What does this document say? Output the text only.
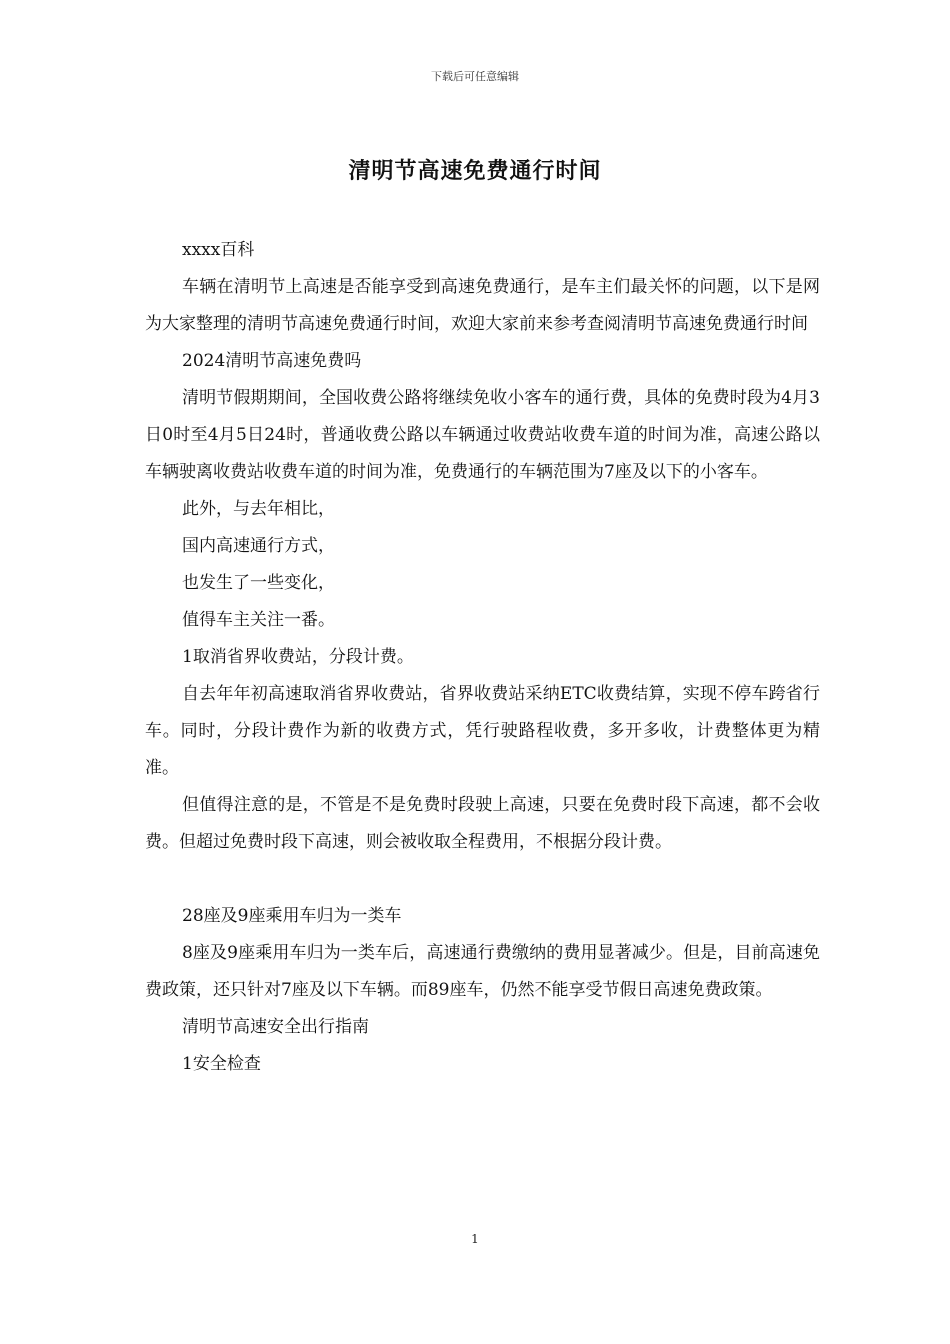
下载后可任意编辑
清明节高速免费通行时间

xxxx百科

车辆在清明节上高速是否能享受到高速免费通行，是车主们最关怀的问题，以下是网为大家整理的清明节高速免费通行时间，欢迎大家前来参考查阅清明节高速免费通行时间

2024清明节高速免费吗

清明节假期期间，全国收费公路将继续免收小客车的通行费，具体的免费时段为4月3日0时至4月5日24时，普通收费公路以车辆通过收费站收费车道的时间为准，高速公路以车辆驶离收费站收费车道的时间为准，免费通行的车辆范围为7座及以下的小客车。

此外，与去年相比，

国内高速通行方式，

也发生了一些变化，

值得车主关注一番。

1取消省界收费站，分段计费。

自去年年初高速取消省界收费站，省界收费站采纳ETC收费结算，实现不停车跨省行车。同时，分段计费作为新的收费方式，凭行驶路程收费，多开多收，计费整体更为精准。

但值得注意的是，不管是不是免费时段驶上高速，只要在免费时段下高速，都不会收费。但超过免费时段下高速，则会被收取全程费用，不根据分段计费。

28座及9座乘用车归为一类车

8座及9座乘用车归为一类车后，高速通行费缴纳的费用显著减少。但是，目前高速免费政策，还只针对7座及以下车辆。而89座车，仍然不能享受节假日高速免费政策。

清明节高速安全出行指南

1安全检查

1
